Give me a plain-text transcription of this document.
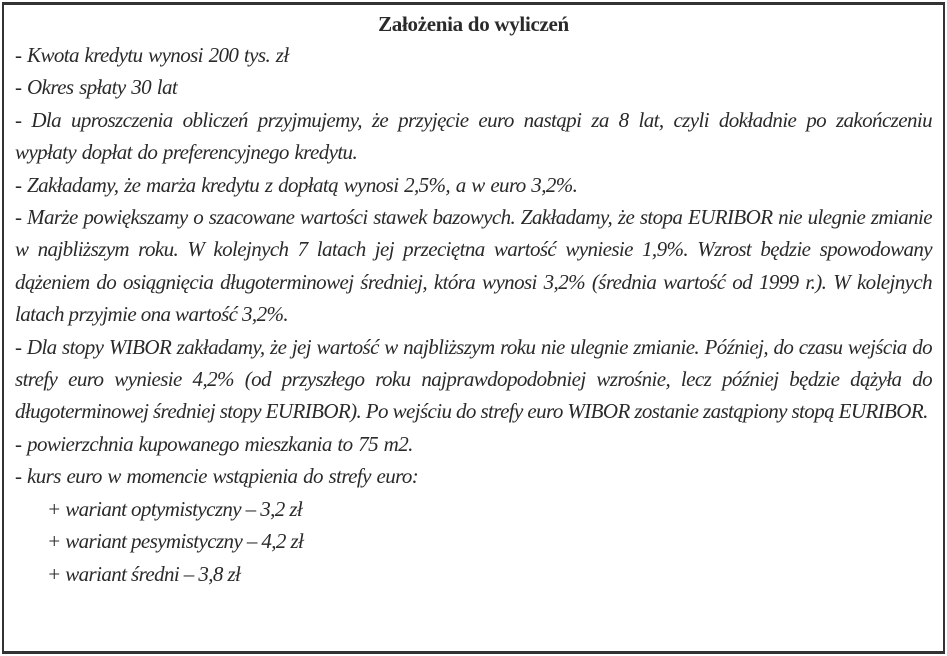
Założenia do wyliczeń

- Kwota kredytu wynosi 200 tys. zł

- Okres spłaty 30 lat

- Dla uproszczenia obliczeń przyjmujemy, że przyjęcie euro nastąpi za 8 lat, czyli dokładnie po zakończeniu wypłaty dopłat do preferencyjnego kredytu.

- Zakładamy, że marża kredytu z dopłatą wynosi 2,5%, a w euro 3,2%.

- Marże powiększamy o szacowane wartości stawek bazowych. Zakładamy, że stopa EURIBOR nie ulegnie zmianie w najbliższym roku. W kolejnych 7 latach jej przeciętna wartość wyniesie 1,9%. Wzrost będzie spowodowany dążeniem do osiągnięcia długoterminowej średniej, która wynosi 3,2% (średnia wartość od 1999 r.). W kolejnych latach przyjmie ona wartość 3,2%.

- Dla stopy WIBOR zakładamy, że jej wartość w najbliższym roku nie ulegnie zmianie. Później, do czasu wejścia do strefy euro wyniesie 4,2% (od przyszłego roku najprawdopodobniej wzrośnie, lecz później będzie dążyła do długoterminowej średniej stopy EURIBOR). Po wejściu do strefy euro WIBOR zostanie zastąpiony stopą EURIBOR.

- powierzchnia kupowanego mieszkania to 75 m2.

- kurs euro w momencie wstąpienia do strefy euro:

+ wariant optymistyczny – 3,2 zł

+ wariant pesymistyczny – 4,2 zł

+ wariant średni – 3,8 zł
